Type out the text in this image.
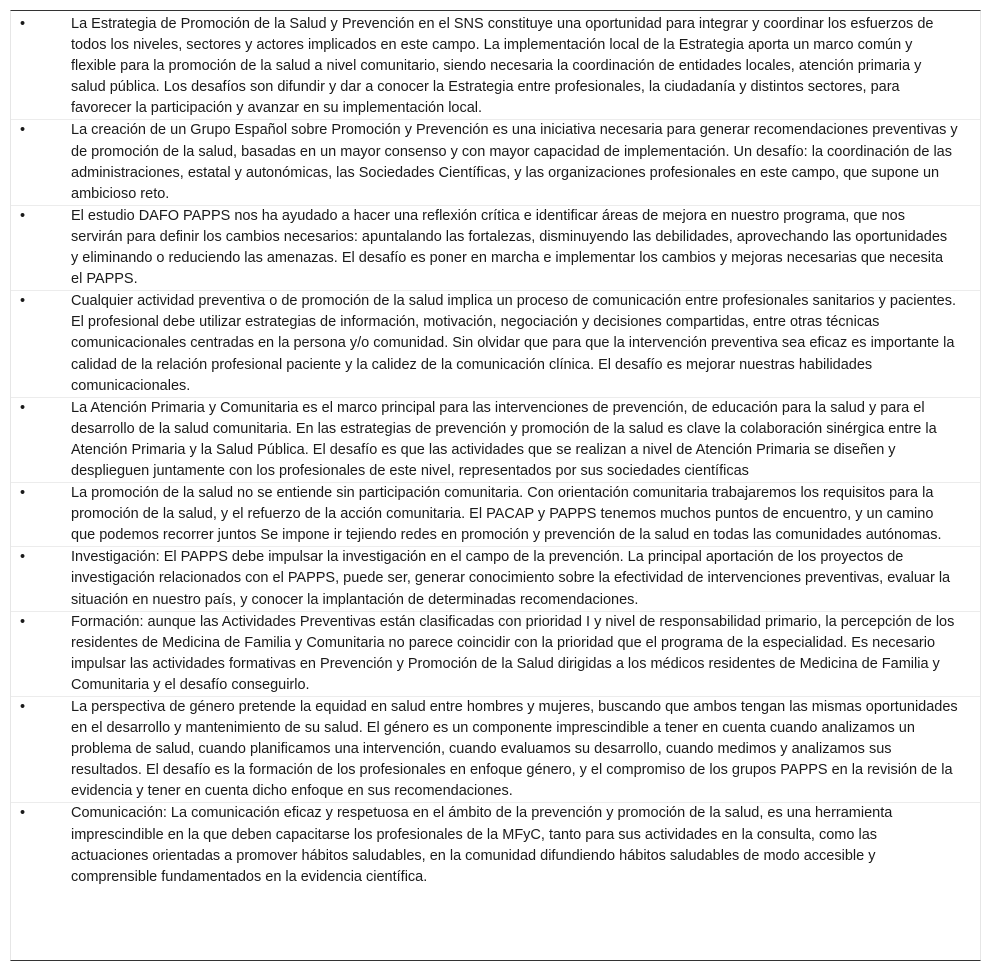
•	La Estrategia de Promoción de la Salud y Prevención en el SNS constituye una oportunidad para integrar y coordinar los esfuerzos de todos los niveles, sectores y actores implicados en este campo. La implementación local de la Estrategia aporta un marco común y flexible para la promoción de la salud a nivel comunitario, siendo necesaria la coordinación de entidades locales, atención primaria y salud pública. Los desafíos son difundir y dar a conocer la Estrategia entre profesionales, la ciudadanía y distintos sectores, para favorecer la participación y avanzar en su implementación local.
•	La creación de un Grupo Español sobre Promoción y Prevención es una iniciativa necesaria para generar recomendaciones preventivas y de promoción de la salud, basadas en un mayor consenso y con mayor capacidad de implementación. Un desafío: la coordinación de las administraciones, estatal y autonómicas, las Sociedades Científicas, y las organizaciones profesionales en este campo, que supone un ambicioso reto.
•	El estudio DAFO PAPPS nos ha ayudado a hacer una reflexión crítica e identificar áreas de mejora en nuestro programa, que nos servirán para definir los cambios necesarios: apuntalando las fortalezas, disminuyendo las debilidades, aprovechando las oportunidades y eliminando o reduciendo las amenazas. El desafío es poner en marcha e implementar los cambios y mejoras necesarias que necesita el PAPPS.
•	Cualquier actividad preventiva o de promoción de la salud implica un proceso de comunicación entre profesionales sanitarios y pacientes. El profesional debe utilizar estrategias de información, motivación, negociación y decisiones compartidas, entre otras técnicas comunicacionales centradas en la persona y/o comunidad. Sin olvidar que para que la intervención preventiva sea eficaz es importante la calidad de la relación profesional paciente y la calidez de la comunicación clínica. El desafío es mejorar nuestras habilidades comunicacionales.
•	La Atención Primaria y Comunitaria es el marco principal para las intervenciones de prevención, de educación para la salud y para el desarrollo de la salud comunitaria. En las estrategias de prevención y promoción de la salud es clave la colaboración sinérgica entre la Atención Primaria y la Salud Pública. El desafío es que las actividades que se realizan a nivel de Atención Primaria se diseñen y desplieguen juntamente con los profesionales de este nivel, representados por sus sociedades científicas
•	La promoción de la salud no se entiende sin participación comunitaria. Con orientación comunitaria trabajaremos los requisitos para la promoción de la salud, y el refuerzo de la acción comunitaria. El PACAP y PAPPS tenemos muchos puntos de encuentro, y un camino que podemos recorrer juntos Se impone ir tejiendo redes en promoción y prevención de la salud en todas las comunidades autónomas.
•	Investigación: El PAPPS debe impulsar la investigación en el campo de la prevención. La principal aportación de los proyectos de investigación relacionados con el PAPPS, puede ser, generar conocimiento sobre la efectividad de intervenciones preventivas, evaluar la situación en nuestro país, y conocer la implantación de determinadas recomendaciones.
•	Formación: aunque las Actividades Preventivas están clasificadas con prioridad I y nivel de responsabilidad primario, la percepción de los residentes de Medicina de Familia y Comunitaria no parece coincidir con la prioridad que el programa de la especialidad. Es necesario impulsar las actividades formativas en Prevención y Promoción de la Salud dirigidas a los médicos residentes de Medicina de Familia y Comunitaria y el desafío conseguirlo.
•	La perspectiva de género pretende la equidad en salud entre hombres y mujeres, buscando que ambos tengan las mismas oportunidades en el desarrollo y mantenimiento de su salud. El género es un componente imprescindible a tener en cuenta cuando analizamos un problema de salud, cuando planificamos una intervención, cuando evaluamos su desarrollo, cuando medimos y analizamos sus resultados. El desafío es la formación de los profesionales en enfoque género, y el compromiso de los grupos PAPPS en la revisión de la evidencia y tener en cuenta dicho enfoque en sus recomendaciones.
•	Comunicación: La comunicación eficaz y respetuosa en el ámbito de la prevención y promoción de la salud, es una herramienta imprescindible en la que deben capacitarse los profesionales de la MFyC, tanto para sus actividades en la consulta, como las actuaciones orientadas a promover hábitos saludables, en la comunidad difundiendo hábitos saludables de modo accesible y comprensible fundamentados en la evidencia científica.
